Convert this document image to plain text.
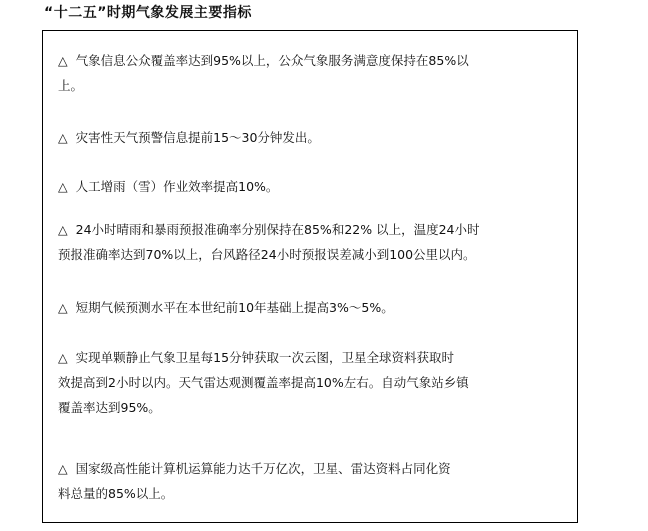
“十二五”时期气象发展主要指标
△ 气象信息公众覆盖率达到95%以上，公众气象服务满意度保持在85%以
上。
△ 灾害性天气预警信息提前15～30分钟发出。
△ 人工增雨（雪）作业效率提高10%。
△ 24小时晴雨和暴雨预报准确率分别保持在85%和22% 以上，温度24小时
预报准确率达到70%以上，台风路径24小时预报误差减小到100公里以内。
△ 短期气候预测水平在本世纪前10年基础上提高3%～5%。
△ 实现单颗静止气象卫星每15分钟获取一次云图，卫星全球资料获取时
效提高到2小时以内。天气雷达观测覆盖率提高10%左右。自动气象站乡镇
覆盖率达到95%。
△ 国家级高性能计算机运算能力达千万亿次，卫星、雷达资料占同化资
料总量的85%以上。
